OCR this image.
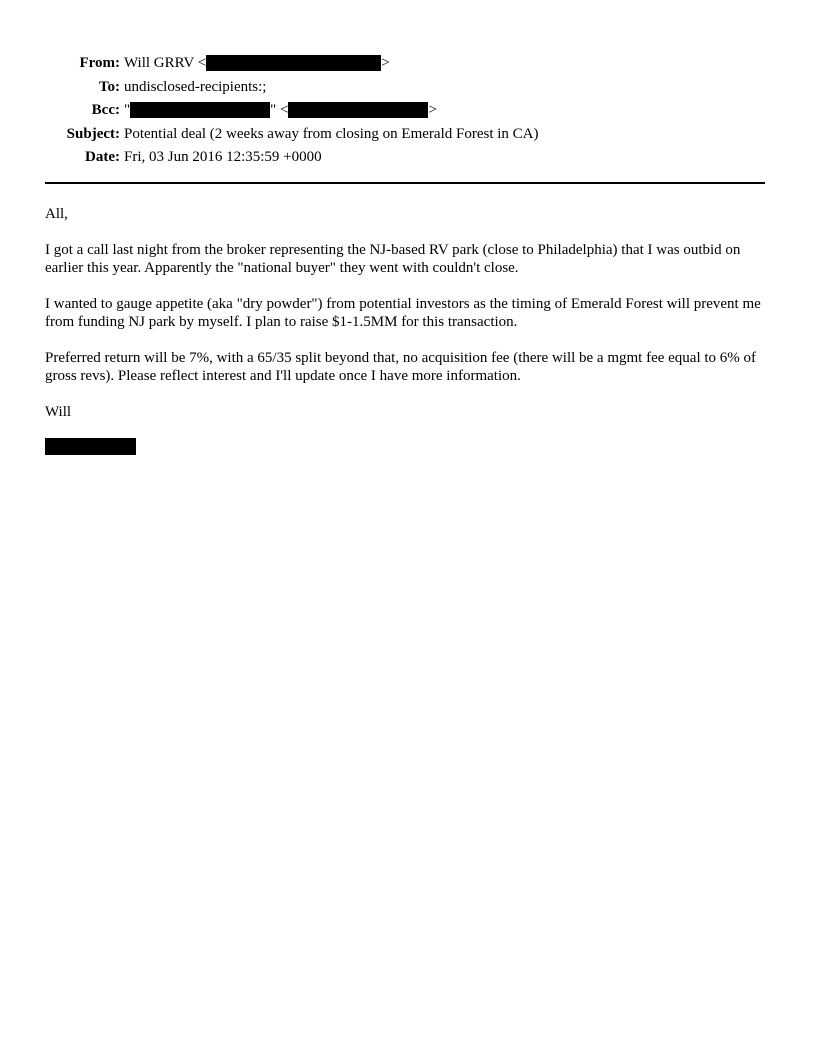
From: Will GRRV <	>
To: undisclosed-recipients:;
Bcc: "	" <	>
Subject: Potential deal (2 weeks away from closing on Emerald Forest in CA)
Date: Fri, 03 Jun 2016 12:35:59 +0000

All,

I got a call last night from the broker representing the NJ-based RV park (close to Philadelphia) that I was outbid on earlier this year. Apparently the "national buyer" they went with couldn't close.

I wanted to gauge appetite (aka "dry powder") from potential investors as the timing of Emerald Forest will prevent me from funding NJ park by myself. I plan to raise $1-1.5MM for this transaction.

Preferred return will be 7%, with a 65/35 split beyond that, no acquisition fee (there will be a mgmt fee equal to 6% of gross revs). Please reflect interest and I'll update once I have more information.

Will
